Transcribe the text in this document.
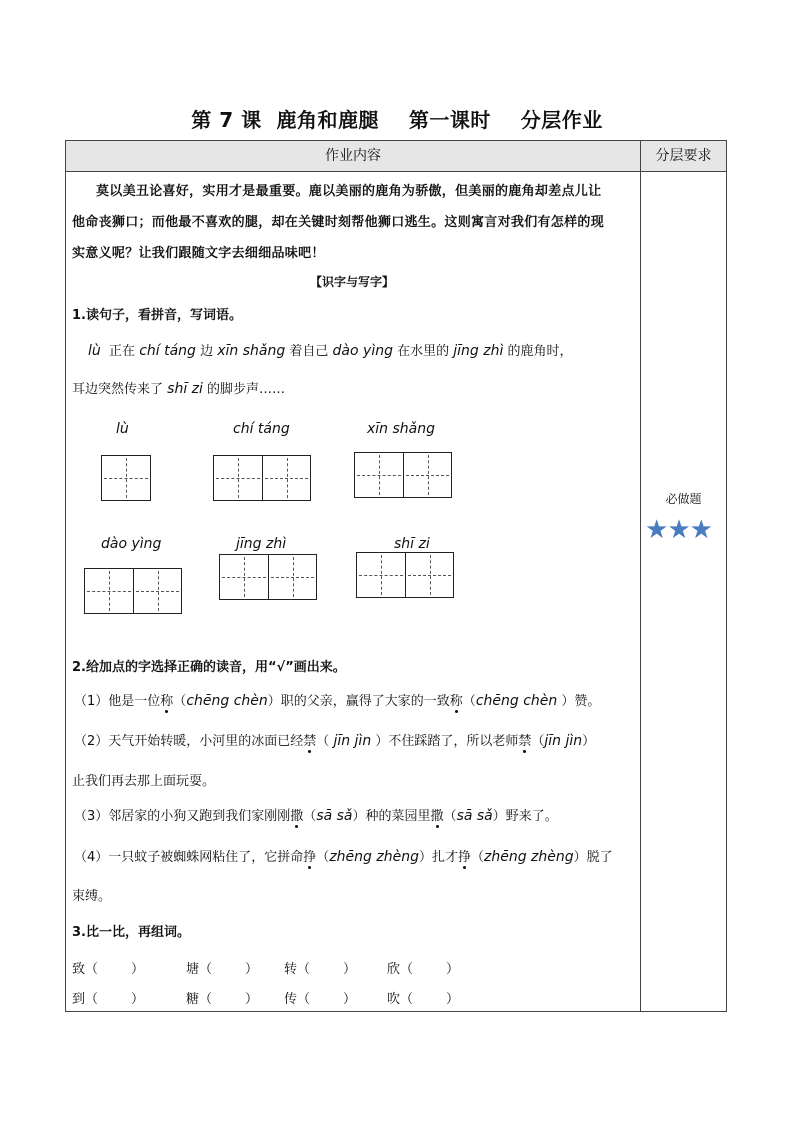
第 7 课  鹿角和鹿腿    第一课时    分层作业
作业内容	分层要求
莫以美丑论喜好，实用才是最重要。鹿以美丽的鹿角为骄傲，但美丽的鹿角却差点儿让
他命丧狮口；而他最不喜欢的腿，却在关键时刻帮他狮口逃生。这则寓言对我们有怎样的现
实意义呢？让我们跟随文字去细细品味吧！
【识字与写字】
1.读句子，看拼音，写词语。
lù 正在 chí táng 边 xīn shǎng 着自己 dào yìng 在水里的 jīng zhì 的鹿角时，
耳边突然传来了 shī zi 的脚步声……
lù	chí táng	xīn shǎng
dào yìng	jīng zhì	shī zi
2.给加点的字选择正确的读音，用“√”画出来。
（1）他是一位称（chēng chèn）职的父亲，赢得了大家的一致称（chēng chèn ）赞。
（2）天气开始转暖，小河里的冰面已经禁（ jīn jìn ）不住踩踏了，所以老师禁（jīn jìn）
止我们再去那上面玩耍。
（3）邻居家的小狗又跑到我们家刚刚撒（sā sǎ）种的菜园里撒（sā sǎ）野来了。
（4）一只蚊子被蜘蛛网粘住了，它拼命挣（zhēng zhèng）扎才挣（zhēng zhèng）脱了
束缚。
3.比一比，再组词。
致（        ）	塘（        ） 转（        ） 欣（        ）
到（        ）	糖（        ） 传（        ） 吹（        ）
必做题
★★★
